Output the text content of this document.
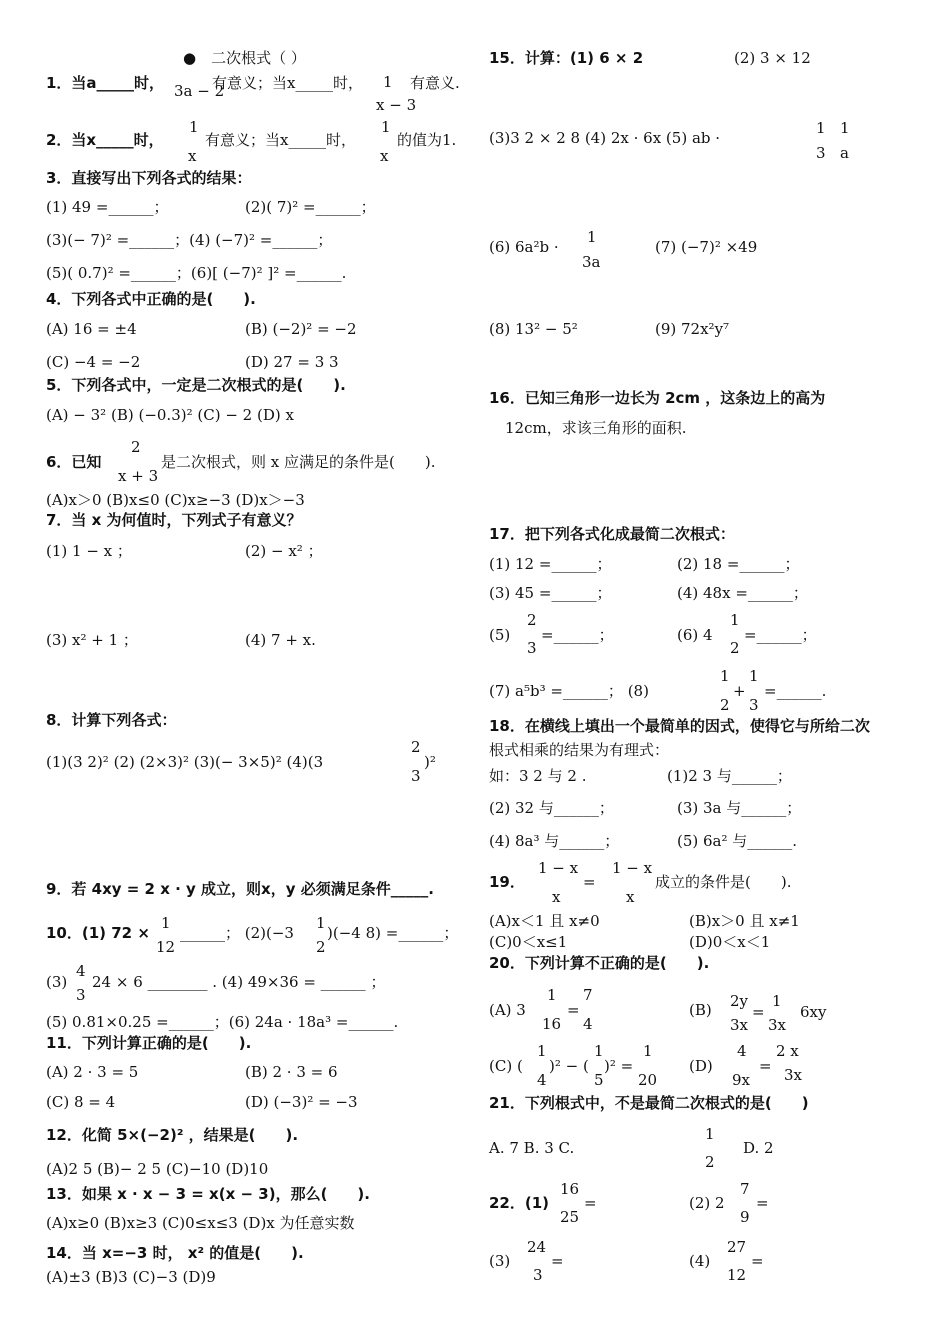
●　二次根式（ ）
1．当a_____时， 3a − 2
有意义；当x_____时， 1
x − 3
有意义.
2．当x_____时，
1
x
有意义；当x_____时，
1
x
的值为1.
3．直接写出下列各式的结果：
(1) 49 =______；	(2)( 7)² =______；
(3)(− 7)² =______；(4) (−7)² =______；
(5)( 0.7)² =______；(6)[ (−7)² ]² =______.
4．下列各式中正确的是(　　).
(A) 16 = ±4	(B) (−2)² = −2
(C) −4 = −2	(D) 27 = 3 3
5．下列各式中，一定是二次根式的是(　　).
(A) − 3² (B) (−0.3)² (C) − 2 (D) x
2
6．已知
x + 3
是二次根式，则 x 应满足的条件是(　　).
(A)x＞0 (B)x≤0 (C)x≥−3 (D)x＞−3
7．当 x 为何值时，下列式子有意义？
(1) 1 − x ；	(2) − x² ；
(3) x² + 1 ；	(4) 7 + x.
8．计算下列各式：
(1)(3 2)² (2) (2×3)² (3)(− 3×5)² (4)(3
2
3
)²
9．若 4xy = 2 x · y 成立，则x，y 必须满足条件_____.
10．(1) 72 ×
1
12
______； (2)(−3
1
2
)(−4 8) =______；
4
(3)
3
24 × 6 ________ . (4) 49×36 = ______ ；
(5) 0.81×0.25 =______；(6) 24a · 18a³ =______.
11．下列计算正确的是(　　).
(A) 2 · 3 = 5	(B) 2 · 3 = 6
(C) 8 = 4	(D) (−3)² = −3
12．化简 5×(−2)² ，结果是(　　).
(A)2 5 (B)− 2 5 (C)−10 (D)10
13．如果 x · x − 3 = x(x − 3)，那么(　　).
(A)x≥0 (B)x≥3 (C)0≤x≤3 (D)x 为任意实数
14．当 x=−3 时， x² 的值是(　　).
(A)±3 (B)3 (C)−3 (D)9
15．计算：(1) 6 × 2	(2) 3 × 12
(3)3 2 × 2 8 (4) 2x · 6x (5) ab ·
1
3
1
a
(6) 6a²b ·
1
3a
(7) (−7)² ×49
(8) 13² − 5²	(9) 72x²y⁷
16．已知三角形一边长为 2cm ，这条边上的高为
12cm，求该三角形的面积.
17．把下列各式化成最简二次根式：
(1) 12 =______；	(2) 18 =______；
(3) 45 =______；	(4) 48x =______；
2
(5)
3
=______；	(6) 4
1
2
=______；
(7) a⁵b³ =______； (8)
1
2
+
1
3
=______.
18．在横线上填出一个最简单的因式，使得它与所给二次
根式相乘的结果为有理式：
如：3 2 与 2 .	(1)2 3 与______；
(2) 32 与______；	(3) 3a 与______；
(4) 8a³ 与______；	(5) 6a² 与______.
1 − x
19．	=
1 − x
x	x
成立的条件是(　　).
(A)x＜1 且 x≠0	(B)x＞0 且 x≠1
(C)0＜x≤1	(D)0＜x＜1
20．下列计算不正确的是(　　).
(A) 3
1
16
=
7
4
(B) 2y
3x
=
1
3x
6xy
(C) (
1
4
)² − (
1
5
)² =
1
20
(D)
4
9x
=
2 x
3x
21．下列根式中，不是最简二次根式的是(　　)
A. 7 B. 3 C.
1
2
D. 2
22．(1)
16
25
=	(2) 2
7
9
=
(3)
24
3
=	(4)
27
12
=
